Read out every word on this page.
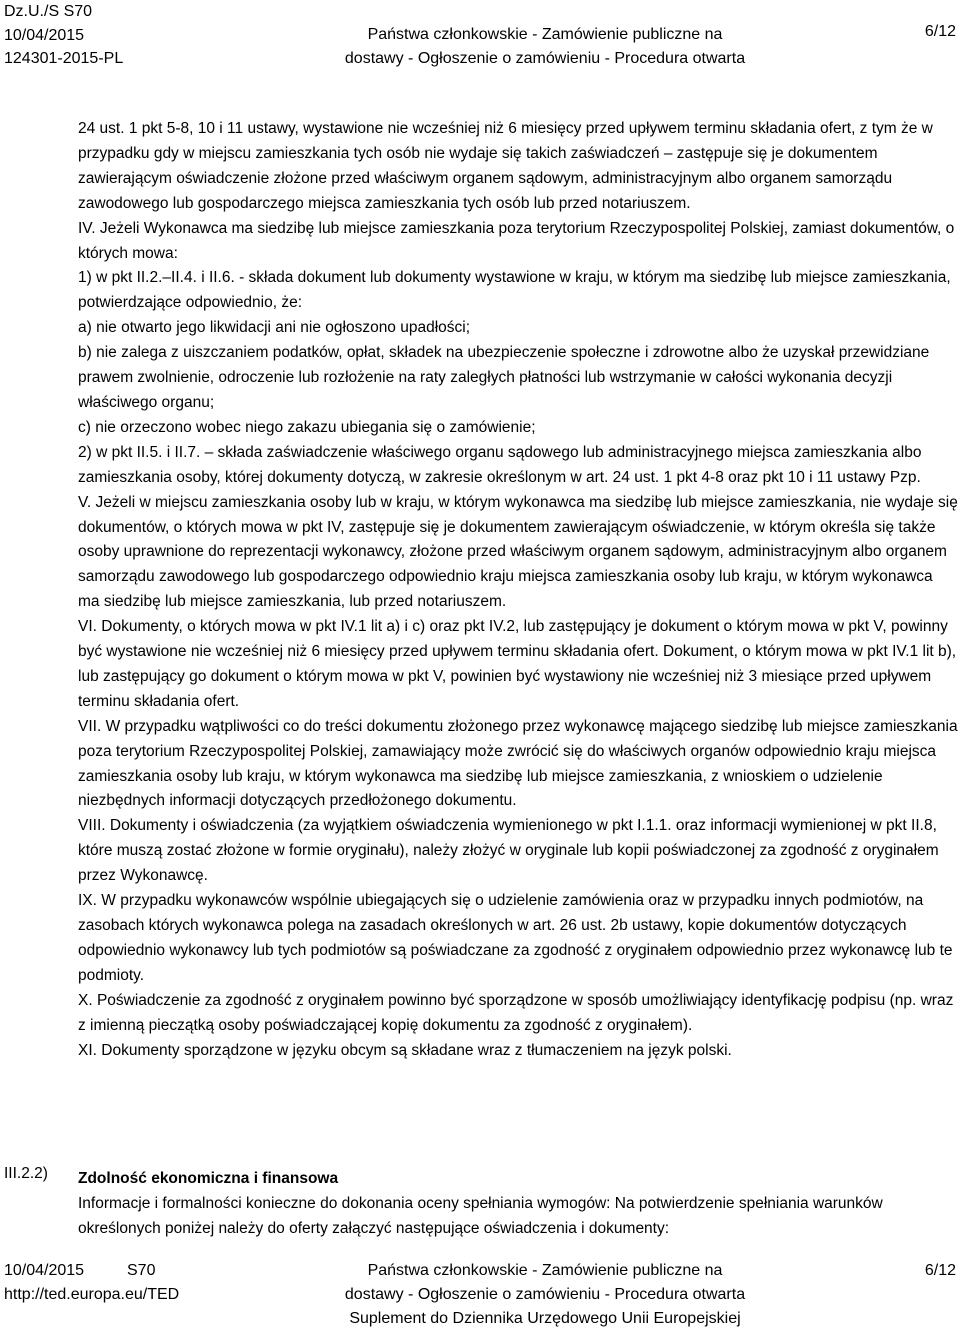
Dz.U./S S70
10/04/2015
124301-2015-PL
Państwa członkowskie - Zamówienie publiczne na
dostawy - Ogłoszenie o zamówieniu - Procedura otwarta
6/12

24 ust. 1 pkt 5-8, 10 i 11 ustawy, wystawione nie wcześniej niż 6 miesięcy przed upływem terminu składania ofert, z tym że w przypadku gdy w miejscu zamieszkania tych osób nie wydaje się takich zaświadczeń – zastępuje się je dokumentem zawierającym oświadczenie złożone przed właściwym organem sądowym, administracyjnym albo organem samorządu zawodowego lub gospodarczego miejsca zamieszkania tych osób lub przed notariuszem.

IV. Jeżeli Wykonawca ma siedzibę lub miejsce zamieszkania poza terytorium Rzeczypospolitej Polskiej, zamiast dokumentów, o których mowa:

1) w pkt II.2.–II.4. i II.6. - składa dokument lub dokumenty wystawione w kraju, w którym ma siedzibę lub miejsce zamieszkania, potwierdzające odpowiednio, że:

a) nie otwarto jego likwidacji ani nie ogłoszono upadłości;

b) nie zalega z uiszczaniem podatków, opłat, składek na ubezpieczenie społeczne i zdrowotne albo że uzyskał przewidziane prawem zwolnienie, odroczenie lub rozłożenie na raty zaległych płatności lub wstrzymanie w całości wykonania decyzji właściwego organu;

c) nie orzeczono wobec niego zakazu ubiegania się o zamówienie;

2) w pkt II.5. i II.7. – składa zaświadczenie właściwego organu sądowego lub administracyjnego miejsca zamieszkania albo zamieszkania osoby, której dokumenty dotyczą, w zakresie określonym w art. 24 ust. 1 pkt 4-8 oraz pkt 10 i 11 ustawy Pzp.

V. Jeżeli w miejscu zamieszkania osoby lub w kraju, w którym wykonawca ma siedzibę lub miejsce zamieszkania, nie wydaje się dokumentów, o których mowa w pkt IV, zastępuje się je dokumentem zawierającym oświadczenie, w którym określa się także osoby uprawnione do reprezentacji wykonawcy, złożone przed właściwym organem sądowym, administracyjnym albo organem samorządu zawodowego lub gospodarczego odpowiednio kraju miejsca zamieszkania osoby lub kraju, w którym wykonawca ma siedzibę lub miejsce zamieszkania, lub przed notariuszem.

VI. Dokumenty, o których mowa w pkt IV.1 lit a) i c) oraz pkt IV.2, lub zastępujący je dokument o którym mowa w pkt V, powinny być wystawione nie wcześniej niż 6 miesięcy przed upływem terminu składania ofert. Dokument, o którym mowa w pkt IV.1 lit b), lub zastępujący go dokument o którym mowa w pkt V, powinien być wystawiony nie wcześniej niż 3 miesiące przed upływem terminu składania ofert.

VII. W przypadku wątpliwości co do treści dokumentu złożonego przez wykonawcę mającego siedzibę lub miejsce zamieszkania poza terytorium Rzeczypospolitej Polskiej, zamawiający może zwrócić się do właściwych organów odpowiednio kraju miejsca zamieszkania osoby lub kraju, w którym wykonawca ma siedzibę lub miejsce zamieszkania, z wnioskiem o udzielenie niezbędnych informacji dotyczących przedłożonego dokumentu.

VIII. Dokumenty i oświadczenia (za wyjątkiem oświadczenia wymienionego w pkt I.1.1. oraz informacji wymienionej w pkt II.8, które muszą zostać złożone w formie oryginału), należy złożyć w oryginale lub kopii poświadczonej za zgodność z oryginałem przez Wykonawcę.

IX. W przypadku wykonawców wspólnie ubiegających się o udzielenie zamówienia oraz w przypadku innych podmiotów, na zasobach których wykonawca polega na zasadach określonych w art. 26 ust. 2b ustawy, kopie dokumentów dotyczących odpowiednio wykonawcy lub tych podmiotów są poświadczane za zgodność z oryginałem odpowiednio przez wykonawcę lub te podmioty.

X. Poświadczenie za zgodność z oryginałem powinno być sporządzone w sposób umożliwiający identyfikację podpisu (np. wraz z imienną pieczątką osoby poświadczającej kopię dokumentu za zgodność z oryginałem).

XI. Dokumenty sporządzone w języku obcym są składane wraz z tłumaczeniem na język polski.

III.2.2) Zdolność ekonomiczna i finansowa

Informacje i formalności konieczne do dokonania oceny spełniania wymogów: Na potwierdzenie spełniania warunków określonych poniżej należy do oferty załączyć następujące oświadczenia i dokumenty:

10/04/2015	S70
http://ted.europa.eu/TED
Państwa członkowskie - Zamówienie publiczne na
dostawy - Ogłoszenie o zamówieniu - Procedura otwarta
Suplement do Dziennika Urzędowego Unii Europejskiej
6/12
